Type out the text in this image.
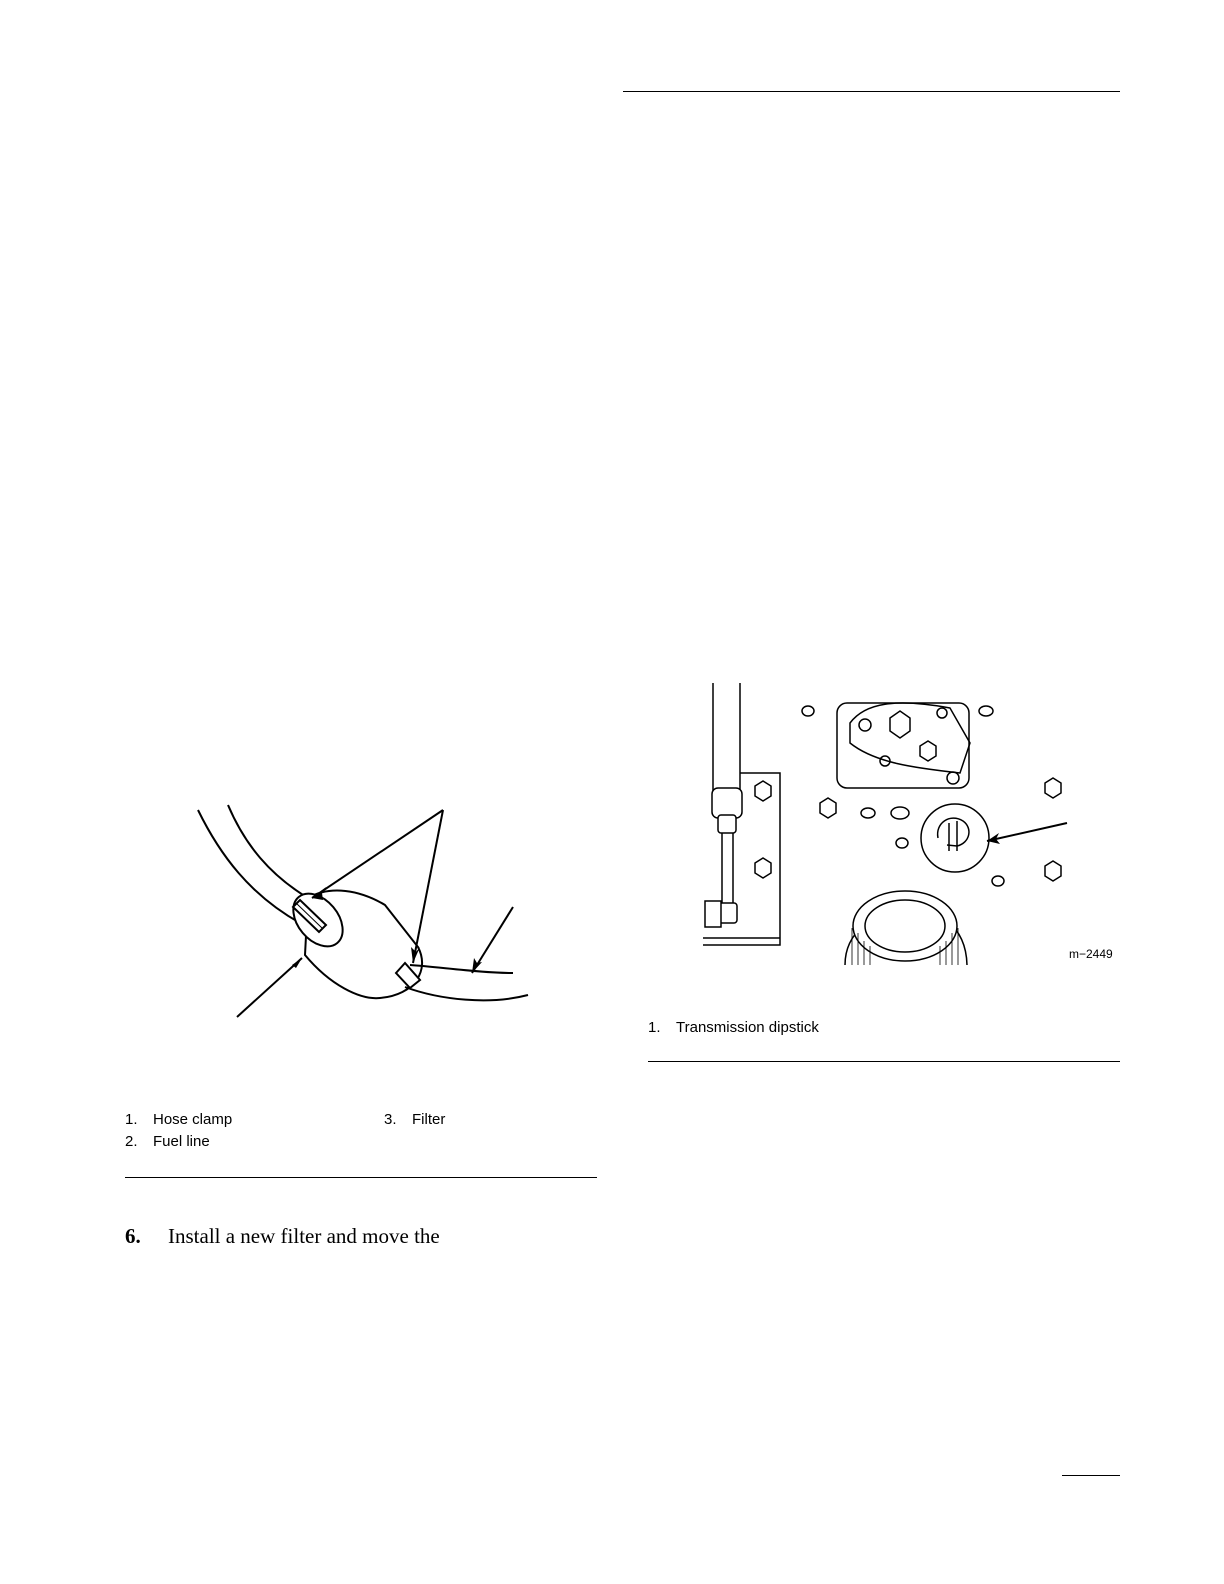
1. Hose clamp
2. Fuel line
3. Filter
6. Install a new filter and move the
m−2449
1. Transmission dipstick
